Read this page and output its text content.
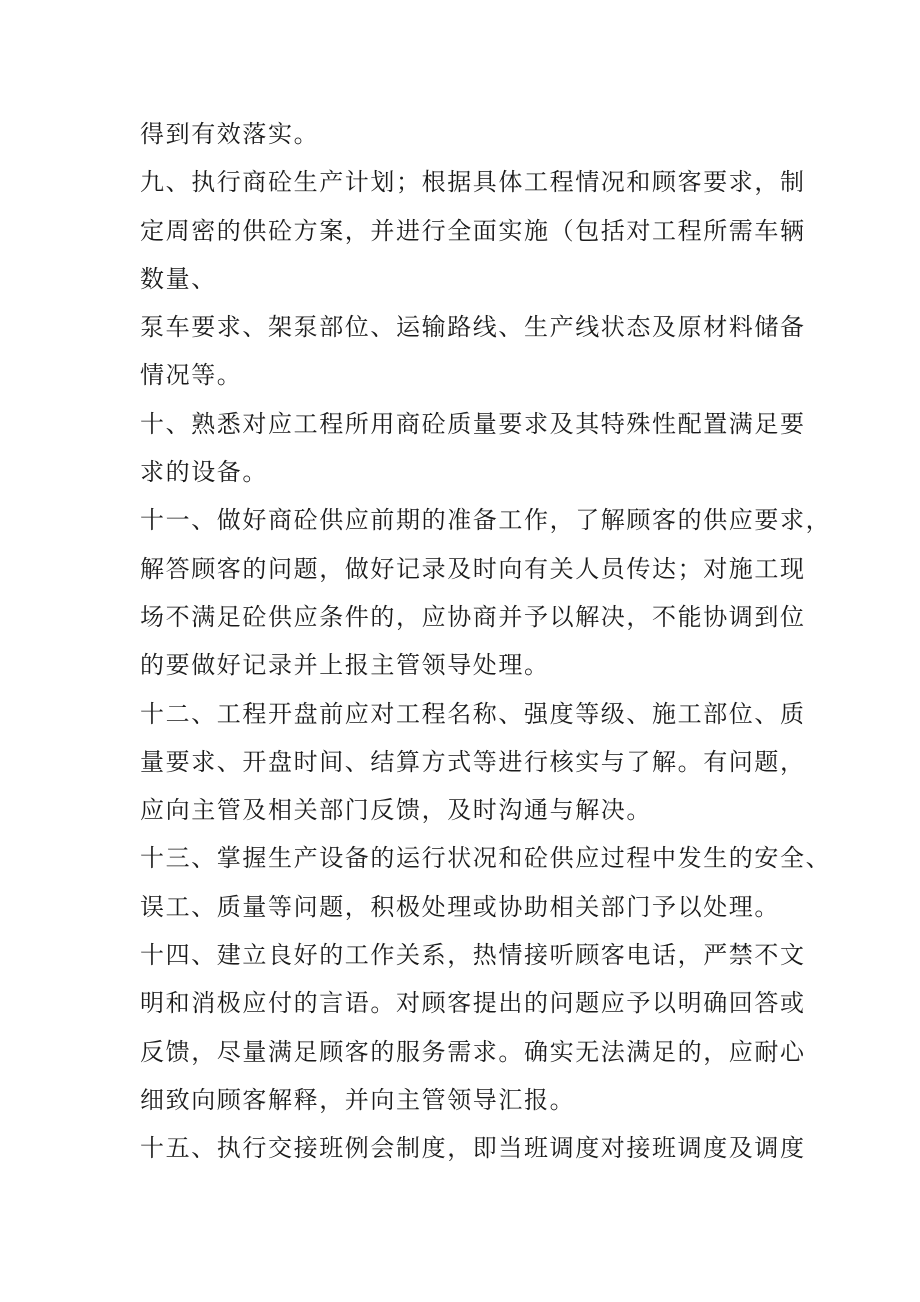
得到有效落实。
九、执行商砼生产计划；根据具体工程情况和顾客要求，制
定周密的供砼方案，并进行全面实施（包括对工程所需车辆
数量、
泵车要求、架泵部位、运输路线、生产线状态及原材料储备
情况等。
十、熟悉对应工程所用商砼质量要求及其特殊性配置满足要
求的设备。
十一、做好商砼供应前期的准备工作，了解顾客的供应要求，
解答顾客的问题，做好记录及时向有关人员传达；对施工现
场不满足砼供应条件的，应协商并予以解决，不能协调到位
的要做好记录并上报主管领导处理。
十二、工程开盘前应对工程名称、强度等级、施工部位、质
量要求、开盘时间、结算方式等进行核实与了解。有问题，
应向主管及相关部门反馈，及时沟通与解决。
十三、掌握生产设备的运行状况和砼供应过程中发生的安全、
误工、质量等问题，积极处理或协助相关部门予以处理。
十四、建立良好的工作关系，热情接听顾客电话，严禁不文
明和消极应付的言语。对顾客提出的问题应予以明确回答或
反馈，尽量满足顾客的服务需求。确实无法满足的，应耐心
细致向顾客解释，并向主管领导汇报。
十五、执行交接班例会制度，即当班调度对接班调度及调度
